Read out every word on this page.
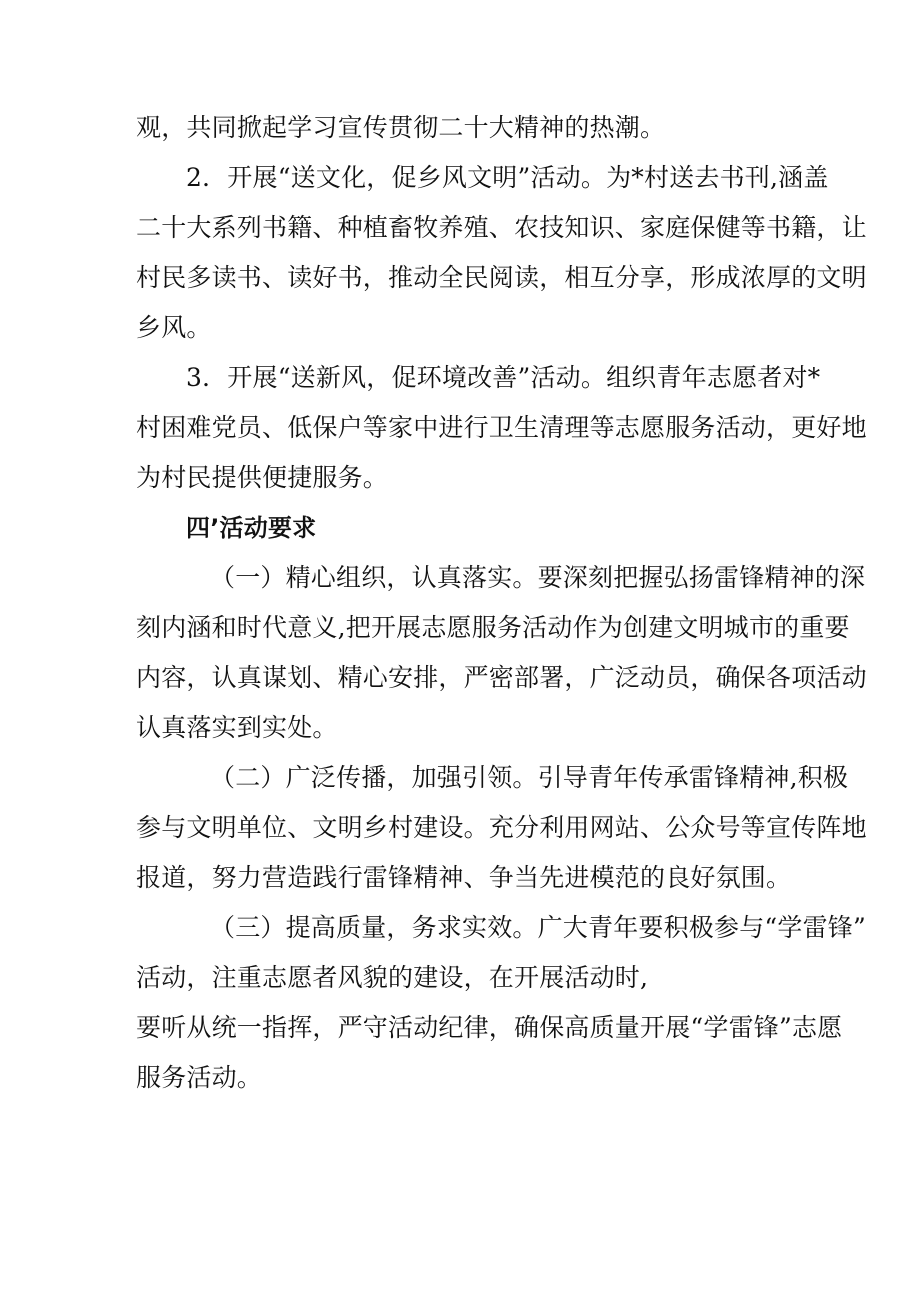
观，共同掀起学习宣传贯彻二十大精神的热潮。
2．开展“送文化，促乡风文明”活动。为*村送去书刊,涵盖
二十大系列书籍、种植畜牧养殖、农技知识、家庭保健等书籍，让
村民多读书、读好书，推动全民阅读，相互分享，形成浓厚的文明
乡风。
3．开展“送新风，促环境改善”活动。组织青年志愿者对*
村困难党员、低保户等家中进行卫生清理等志愿服务活动，更好地
为村民提供便捷服务。
四’活动要求
（一）精心组织，认真落实。要深刻把握弘扬雷锋精神的深
刻内涵和时代意义,把开展志愿服务活动作为创建文明城市的重要
内容，认真谋划、精心安排，严密部署，广泛动员，确保各项活动
认真落实到实处。
（二）广泛传播，加强引领。引导青年传承雷锋精神,积极
参与文明单位、文明乡村建设。充分利用网站、公众号等宣传阵地
报道，努力营造践行雷锋精神、争当先进模范的良好氛围。
（三）提高质量，务求实效。广大青年要积极参与“学雷锋”
活动，注重志愿者风貌的建设，在开展活动时,
要听从统一指挥，严守活动纪律，确保高质量开展“学雷锋”志愿
服务活动。
